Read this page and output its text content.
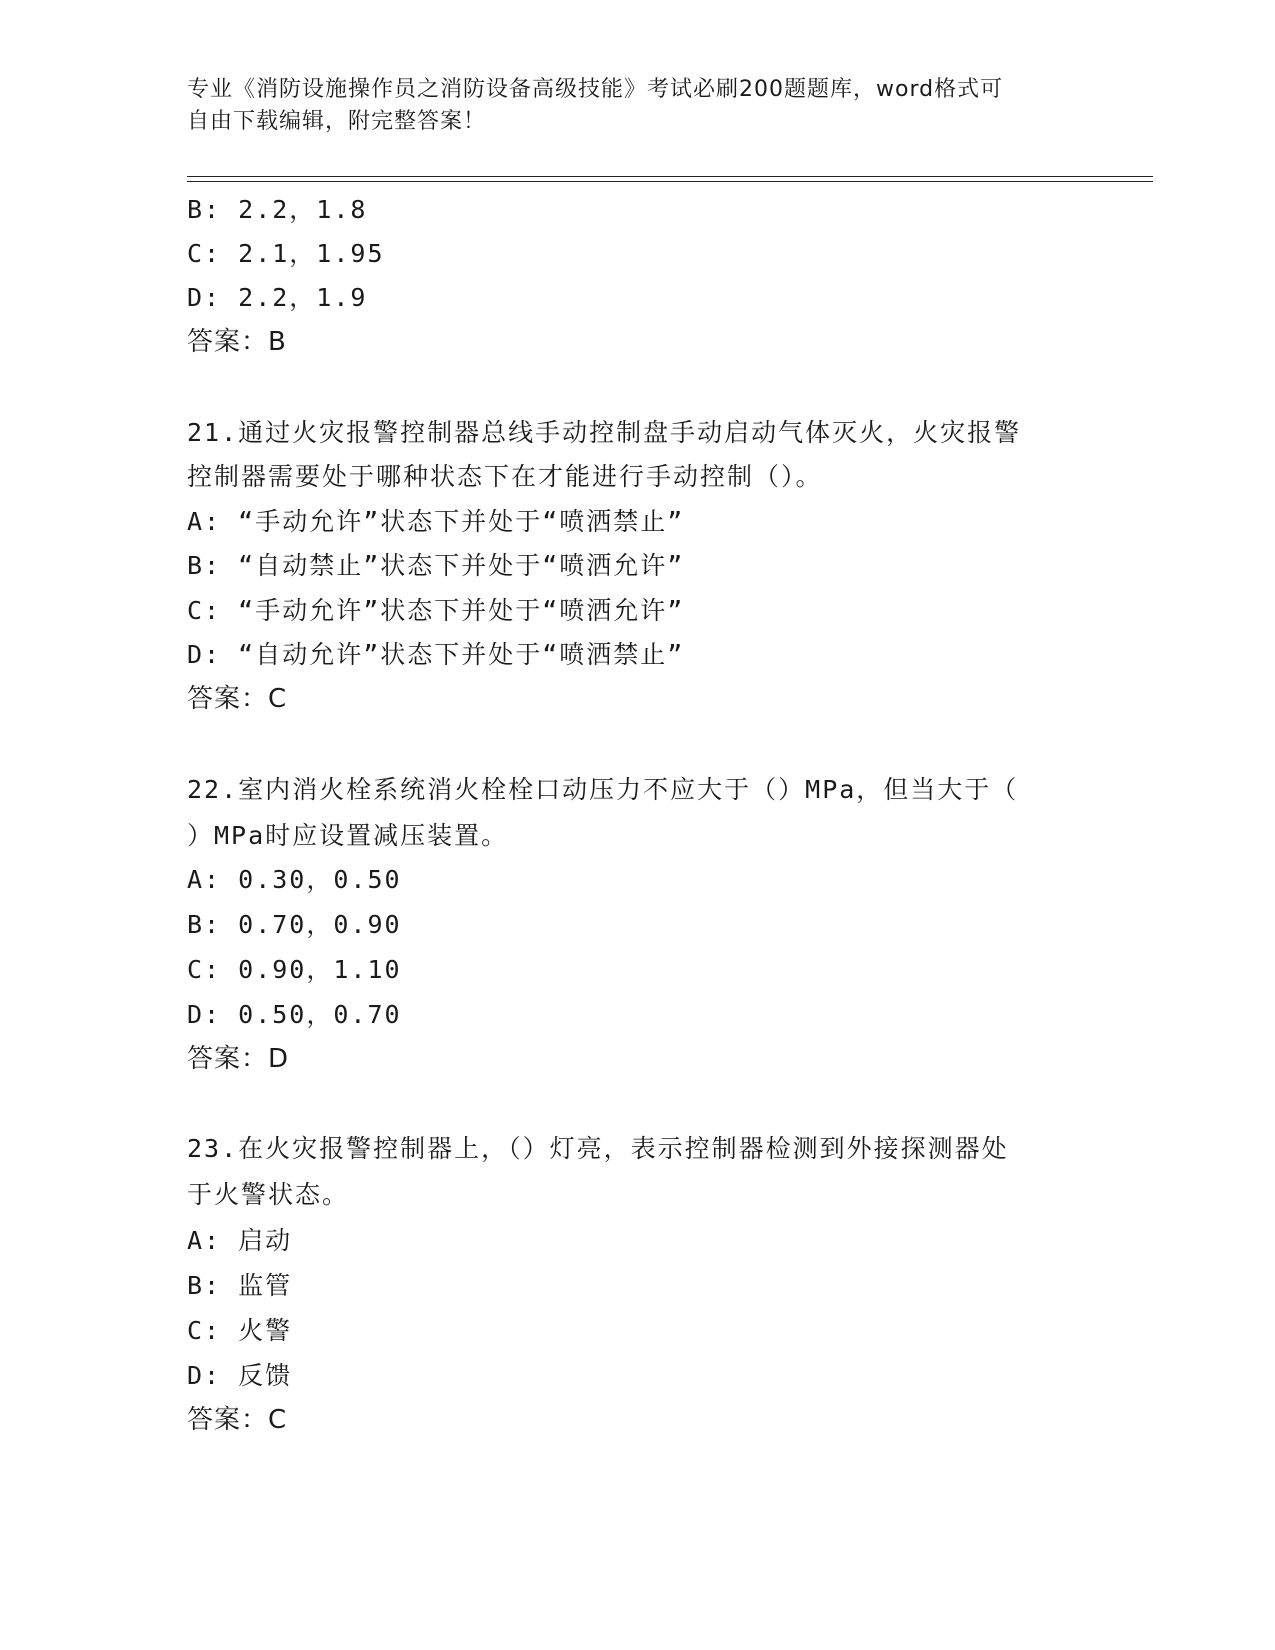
专业《消防设施操作员之消防设备高级技能》考试必刷200题题库，word格式可
自由下载编辑，附完整答案！
B: 2.2，1.8
C: 2.1，1.95
D: 2.2，1.9
答案：B
21.通过火灾报警控制器总线手动控制盘手动启动气体灭火，火灾报警
控制器需要处于哪种状态下在才能进行手动控制（）。
A: “手动允许”状态下并处于“喷洒禁止”
B: “自动禁止”状态下并处于“喷洒允许”
C: “手动允许”状态下并处于“喷洒允许”
D: “自动允许”状态下并处于“喷洒禁止”
答案：C
22.室内消火栓系统消火栓栓口动压力不应大于（）MPa，但当大于（
）MPa时应设置减压装置。
A: 0.30，0.50
B: 0.70，0.90
C: 0.90，1.10
D: 0.50，0.70
答案：D
23.在火灾报警控制器上，（）灯亮，表示控制器检测到外接探测器处
于火警状态。
A: 启动
B: 监管
C: 火警
D: 反馈
答案：C
